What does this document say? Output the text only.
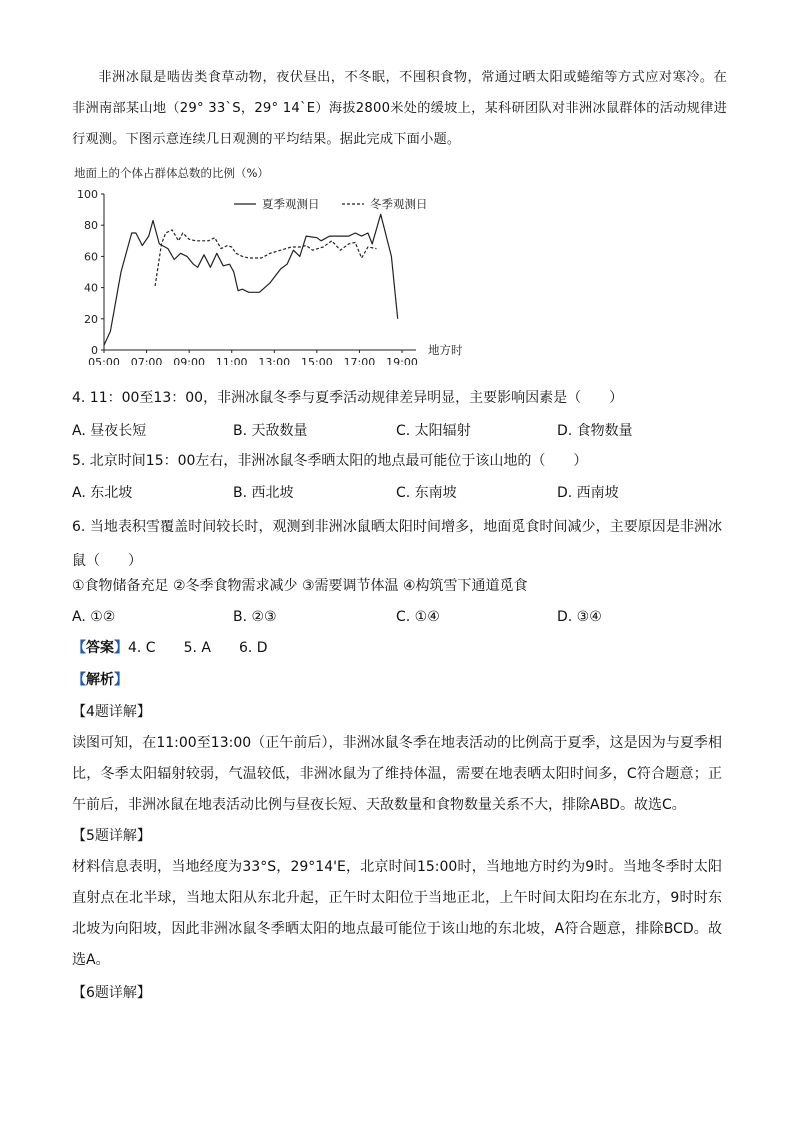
非洲冰鼠是啮齿类食草动物，夜伏昼出，不冬眠，不囤积食物，常通过晒太阳或蜷缩等方式应对寒冷。在非洲南部某山地（29° 33`S，29° 14`E）海拔2800米处的缓坡上，某科研团队对非洲冰鼠群体的活动规律进行观测。下图示意连续几日观测的平均结果。据此完成下面小题。

地面上的个体占群体总数的比例（%）
0
20
40
60
80
100
05:00 07:00 09:00 11:00 13:00 15:00 17:00 19:00
地方时
夏季观测日	冬季观测日
4. 11：00至13：00，非洲冰鼠冬季与夏季活动规律差异明显，主要影响因素是（　　）
A. 昼夜长短	B. 天敌数量	C. 太阳辐射	D. 食物数量
5. 北京时间15：00左右，非洲冰鼠冬季晒太阳的地点最可能位于该山地的（　　）
A. 东北坡	B. 西北坡	C. 东南坡	D. 西南坡
6. 当地表积雪覆盖时间较长时，观测到非洲冰鼠晒太阳时间增多，地面觅食时间减少，主要原因是非洲冰鼠（　　）
①食物储备充足 ②冬季食物需求减少 ③需要调节体温 ④构筑雪下通道觅食
A. ①②	B. ②③	C. ①④	D. ③④
【答案】4. C　　5. A　　6. D
【解析】
【4题详解】
读图可知，在11:00至13:00（正午前后），非洲冰鼠冬季在地表活动的比例高于夏季，这是因为与夏季相比，冬季太阳辐射较弱，气温较低，非洲冰鼠为了维持体温，需要在地表晒太阳时间多，C符合题意；正午前后，非洲冰鼠在地表活动比例与昼夜长短、天敌数量和食物数量关系不大，排除ABD。故选C。
【5题详解】
材料信息表明，当地经度为33°S，29°14'E，北京时间15:00时，当地地方时约为9时。当地冬季时太阳直射点在北半球，当地太阳从东北升起，正午时太阳位于当地正北，上午时间太阳均在东北方，9时时东北坡为向阳坡，因此非洲冰鼠冬季晒太阳的地点最可能位于该山地的东北坡，A符合题意，排除BCD。故选A。
【6题详解】
